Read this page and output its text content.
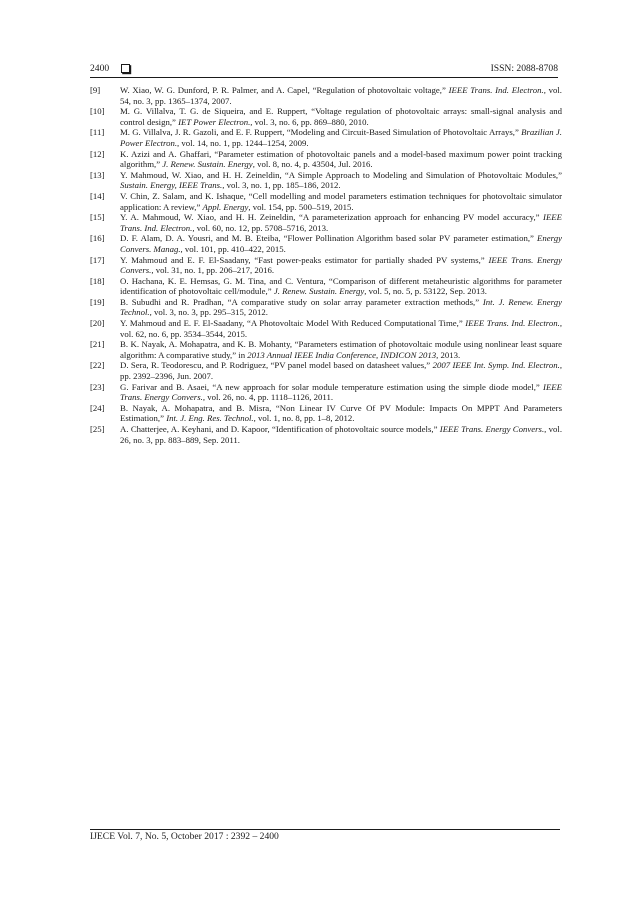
2400	ISSN: 2088-8708

[9] W. Xiao, W. G. Dunford, P. R. Palmer, and A. Capel, “Regulation of photovoltaic voltage,” IEEE Trans. Ind. Electron., vol. 54, no. 3, pp. 1365–1374, 2007.

[10] M. G. Villalva, T. G. de Siqueira, and E. Ruppert, “Voltage regulation of photovoltaic arrays: small-signal analysis and control design,” IET Power Electron., vol. 3, no. 6, pp. 869–880, 2010.

[11] M. G. Villalva, J. R. Gazoli, and E. F. Ruppert, “Modeling and Circuit-Based Simulation of Photovoltaic Arrays,” Brazilian J. Power Electron., vol. 14, no. 1, pp. 1244–1254, 2009.

[12] K. Azizi and A. Ghaffari, “Parameter estimation of photovoltaic panels and a model-based maximum power point tracking algorithm,” J. Renew. Sustain. Energy, vol. 8, no. 4, p. 43504, Jul. 2016.

[13] Y. Mahmoud, W. Xiao, and H. H. Zeineldin, “A Simple Approach to Modeling and Simulation of Photovoltaic Modules,” Sustain. Energy, IEEE Trans., vol. 3, no. 1, pp. 185–186, 2012.

[14] V. Chin, Z. Salam, and K. Ishaque, “Cell modelling and model parameters estimation techniques for photovoltaic simulator application: A review,” Appl. Energy, vol. 154, pp. 500–519, 2015.

[15] Y. A. Mahmoud, W. Xiao, and H. H. Zeineldin, “A parameterization approach for enhancing PV model accuracy,” IEEE Trans. Ind. Electron., vol. 60, no. 12, pp. 5708–5716, 2013.

[16] D. F. Alam, D. A. Yousri, and M. B. Eteiba, “Flower Pollination Algorithm based solar PV parameter estimation,” Energy Convers. Manag., vol. 101, pp. 410–422, 2015.

[17] Y. Mahmoud and E. F. El-Saadany, “Fast power-peaks estimator for partially shaded PV systems,” IEEE Trans. Energy Convers., vol. 31, no. 1, pp. 206–217, 2016.

[18] O. Hachana, K. E. Hemsas, G. M. Tina, and C. Ventura, “Comparison of different metaheuristic algorithms for parameter identification of photovoltaic cell/module,” J. Renew. Sustain. Energy, vol. 5, no. 5, p. 53122, Sep. 2013.

[19] B. Subudhi and R. Pradhan, “A comparative study on solar array parameter extraction methods,” Int. J. Renew. Energy Technol., vol. 3, no. 3, pp. 295–315, 2012.

[20] Y. Mahmoud and E. F. El-Saadany, “A Photovoltaic Model With Reduced Computational Time,” IEEE Trans. Ind. Electron., vol. 62, no. 6, pp. 3534–3544, 2015.

[21] B. K. Nayak, A. Mohapatra, and K. B. Mohanty, “Parameters estimation of photovoltaic module using nonlinear least square algorithm: A comparative study,” in 2013 Annual IEEE India Conference, INDICON 2013, 2013.

[22] D. Sera, R. Teodorescu, and P. Rodriguez, “PV panel model based on datasheet values,” 2007 IEEE Int. Symp. Ind. Electron., pp. 2392–2396, Jun. 2007.

[23] G. Farivar and B. Asaei, “A new approach for solar module temperature estimation using the simple diode model,” IEEE Trans. Energy Convers., vol. 26, no. 4, pp. 1118–1126, 2011.

[24] B. Nayak, A. Mohapatra, and B. Misra, “Non Linear IV Curve Of PV Module: Impacts On MPPT And Parameters Estimation,” Int. J. Eng. Res. Technol., vol. 1, no. 8, pp. 1–8, 2012.

[25] A. Chatterjee, A. Keyhani, and D. Kapoor, “Identification of photovoltaic source models,” IEEE Trans. Energy Convers., vol. 26, no. 3, pp. 883–889, Sep. 2011.

IJECE Vol. 7, No. 5, October 2017 : 2392 – 2400
